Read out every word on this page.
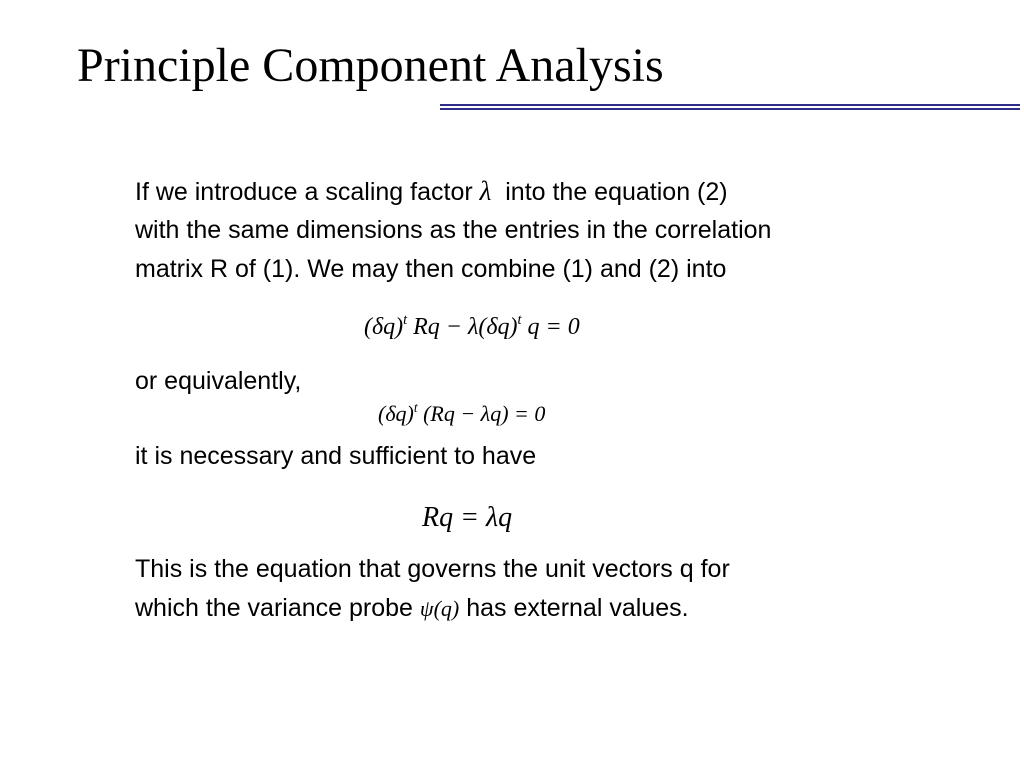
Principle Component Analysis

If we introduce a scaling factor λ into the equation (2)

with the same dimensions as the entries in the correlation

matrix R of (1). We may then combine (1) and (2) into

$(\delta q)^t$ $Rq - \lambda(\delta q)^t$ q = 0

or equivalently,

$(\delta q)^t$ (Rq − λq) = 0

it is necessary and sufficient to have

Rq = λq

This is the equation that governs the unit vectors q for

which the variance probe ψ(q) has external values.
